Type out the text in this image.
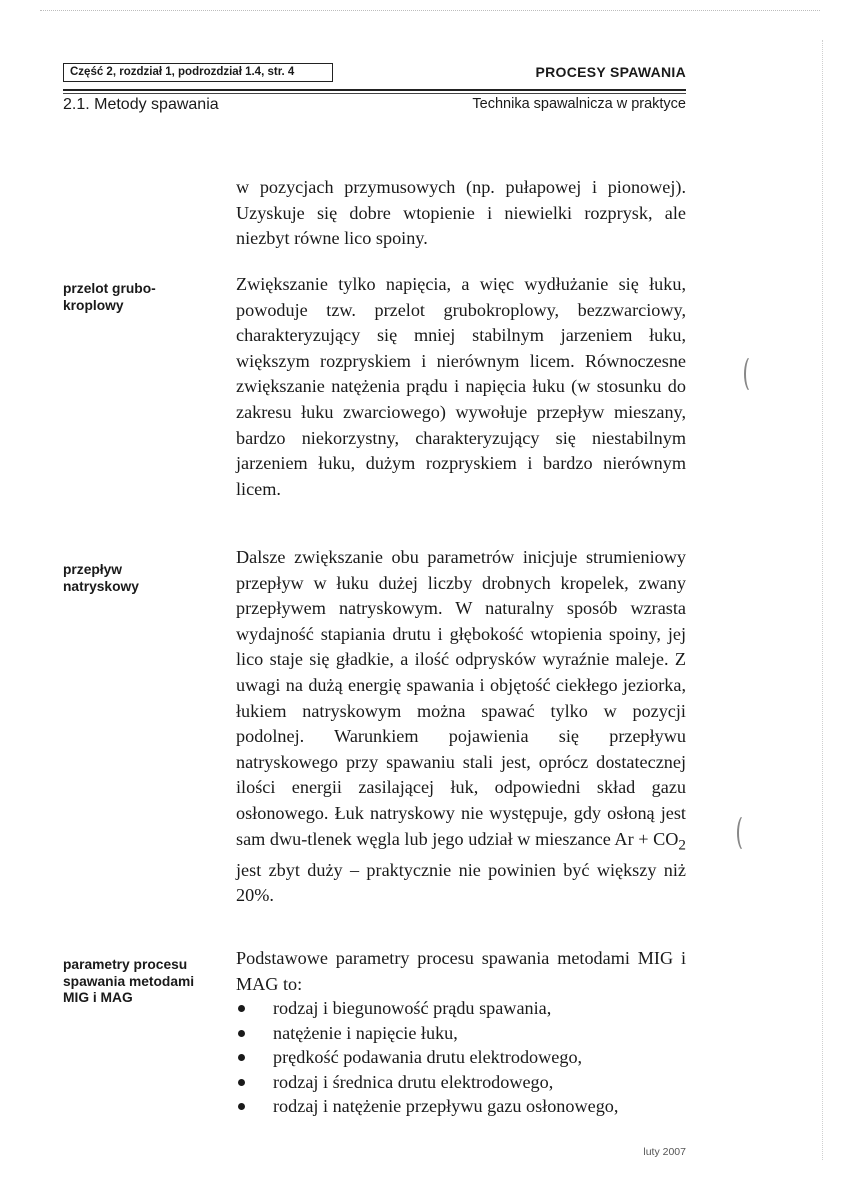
Część 2, rozdział 1, podrozdział 1.4, str. 4	PROCESY SPAWANIA
2.1. Metody spawania	Technika spawalnicza w praktyce

w pozycjach przymusowych (np. pułapowej i pionowej). Uzyskuje się dobre wtopienie i niewielki rozprysk, ale niezbyt równe lico spoiny.

przelot grubo-kroplowy

Zwiększanie tylko napięcia, a więc wydłużanie się łuku, powoduje tzw. przelot grubokroplowy, bezzwarciowy, charakteryzujący się mniej stabilnym jarzeniem łuku, większym rozpryskiem i nierównym licem. Równoczesne zwiększanie natężenia prądu i napięcia łuku (w stosunku do zakresu łuku zwarciowego) wywołuje przepływ mieszany, bardzo niekorzystny, charakteryzujący się niestabilnym jarzeniem łuku, dużym rozpryskiem i bardzo nierównym licem.

przepływ natryskowy

Dalsze zwiększanie obu parametrów inicjuje strumieniowy przepływ w łuku dużej liczby drobnych kropelek, zwany przepływem natryskowym. W naturalny sposób wzrasta wydajność stapiania drutu i głębokość wtopienia spoiny, jej lico staje się gładkie, a ilość odprysków wyraźnie maleje. Z uwagi na dużą energię spawania i objętość ciekłego jeziorka, łukiem natryskowym można spawać tylko w pozycji podolnej. Warunkiem pojawienia się przepływu natryskowego przy spawaniu stali jest, oprócz dostatecznej ilości energii zasilającej łuk, odpowiedni skład gazu osłonowego. Łuk natryskowy nie występuje, gdy osłoną jest sam dwu-tlenek węgla lub jego udział w mieszance $Ar + CO_2$ jest zbyt duży – praktycznie nie powinien być większy niż 20%.

parametry procesu spawania metodami MIG i MAG

Podstawowe parametry procesu spawania metodami MIG i MAG to:

rodzaj i biegunowość prądu spawania,
natężenie i napięcie łuku,
prędkość podawania drutu elektrodowego,
rodzaj i średnica drutu elektrodowego,
rodzaj i natężenie przepływu gazu osłonowego,
luty 2007
